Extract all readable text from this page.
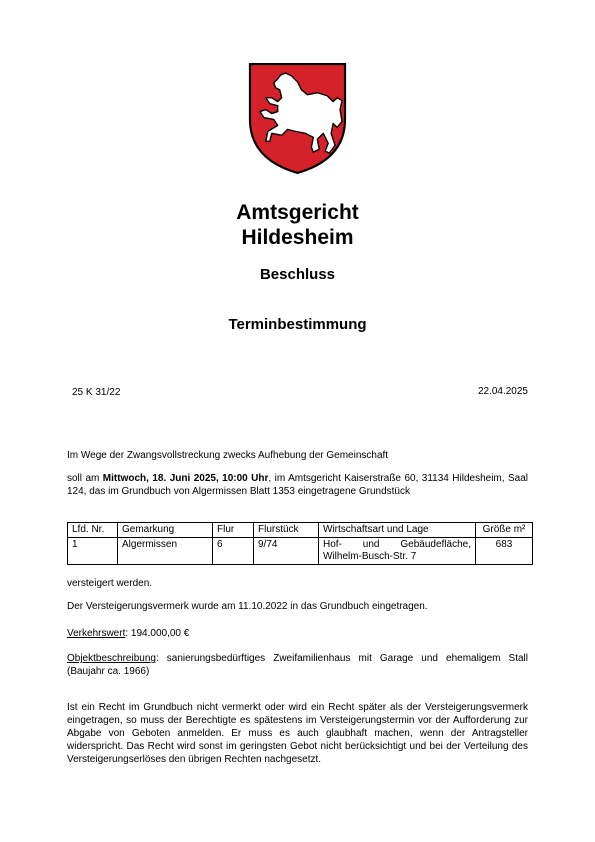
Amtsgericht
Hildesheim
Beschluss
Terminbestimmung
25 K 31/22	22.04.2025
Im Wege der Zwangsvollstreckung zwecks Aufhebung der Gemeinschaft
soll am Mittwoch, 18. Juni 2025, 10:00 Uhr, im Amtsgericht Kaiserstraße 60, 31134 Hildesheim, Saal 124, das im Grundbuch von Algermissen Blatt 1353 eingetragene Grundstück
Lfd. Nr.	Gemarkung	Flur	Flurstück	Wirtschaftsart und Lage	Größe m²
1	Algermissen	6	9/74	Hof- und Gebäudefläche,
Wilhelm-Busch-Str. 7	683
versteigert werden.
Der Versteigerungsvermerk wurde am 11.10.2022 in das Grundbuch eingetragen.
Verkehrswert: 194.000,00 €
Objektbeschreibung: sanierungsbedürftiges Zweifamilienhaus mit Garage und ehemaligem Stall (Baujahr ca. 1966)
Ist ein Recht im Grundbuch nicht vermerkt oder wird ein Recht später als der Versteigerungsvermerk eingetragen, so muss der Berechtigte es spätestens im Versteigerungstermin vor der Aufforderung zur Abgabe von Geboten anmelden. Er muss es auch glaubhaft machen, wenn der Antragsteller widerspricht. Das Recht wird sonst im geringsten Gebot nicht berücksichtigt und bei der Verteilung des Versteigerungserlöses den übrigen Rechten nachgesetzt.
